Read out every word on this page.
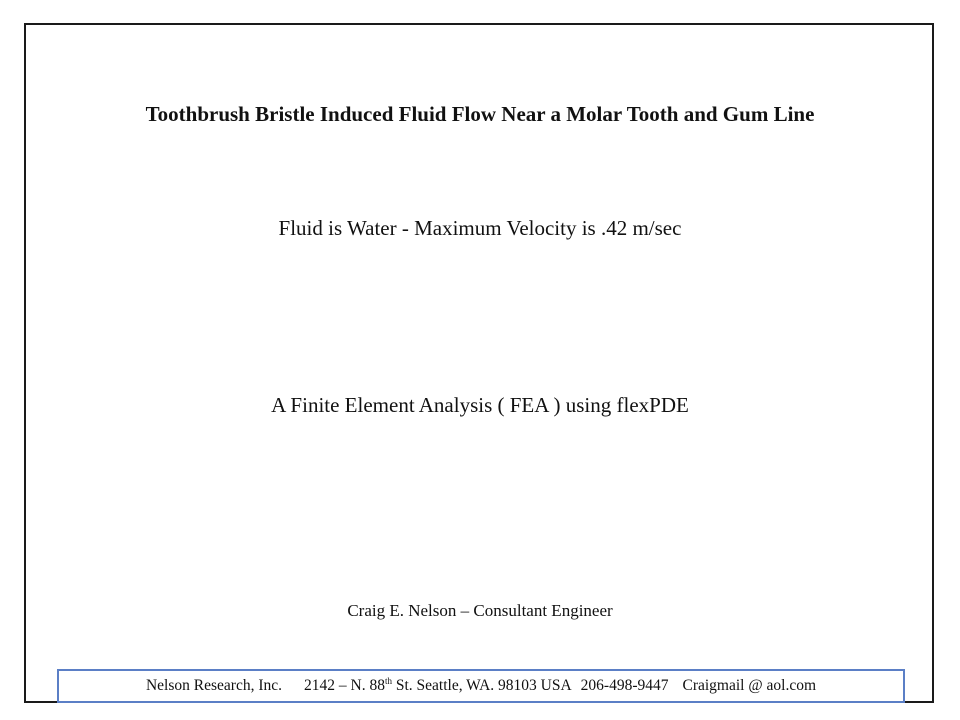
Toothbrush Bristle Induced Fluid Flow Near a Molar Tooth and Gum Line
Fluid is Water - Maximum Velocity is .42 m/sec
A Finite Element Analysis ( FEA ) using flexPDE
Craig E. Nelson – Consultant Engineer
Nelson Research, Inc. 2142 – N. 88th St. Seattle, WA. 98103 USA 206-498-9447 Craigmail @ aol.com
